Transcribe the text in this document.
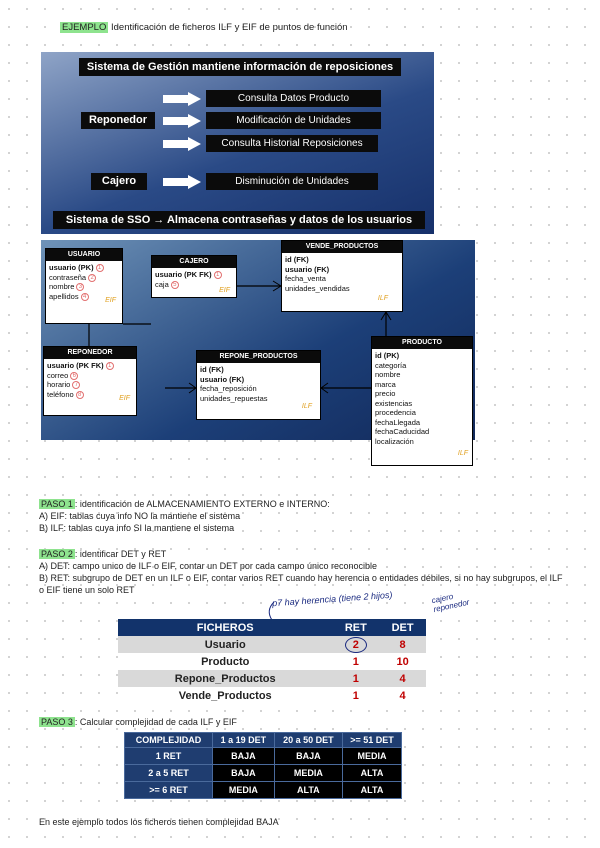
EJEMPLO Identificación de ficheros ILF y EIF de puntos de función
Sistema de Gestión mantiene información de reposiciones
Reponedor
Consulta Datos Producto
Modificación de Unidades
Consulta Historial Reposiciones
Cajero	Disminución de Unidades
Sistema de SSO → Almacena contraseñas y datos de los usuarios
USUARIO
usuario (PK) 1
contraseña 2
nombre 3
apellidos 4	EIF
CAJERO
usuario (PK FK) 1
caja 5
EIF
VENDE_PRODUCTOS
id (FK)
usuario (FK)
fecha_venta
unidades_vendidas
ILF
REPONEDOR
usuario (PK FK) 1
correo 6
horario 7
teléfono 8	EIF
REPONE_PRODUCTOS
id (FK)
usuario (FK)
fecha_reposición
unidades_repuestas
ILF
PRODUCTO
id (PK)
categoría
nombre
marca
precio
existencias
procedencia
fechaLlegada
fechaCaducidad
localización
ILF
PASO 1 : identificación de ALMACENAMIENTO EXTERNO e INTERNO:
A) EIF: tablas cuya info NO la mantiene el sistema
B) ILF: tablas cuya info SI la mantiene el sistema
PASO 2 : identificar DET y RET
A) DET: campo unico de ILF o EIF, contar un DET por cada campo único reconocible
B) RET: subgrupo de DET en un ILF o EIF, contar varios RET cuando hay herencia o entidades débiles, si no hay subgrupos, el ILF o EIF tiene un solo RET	p7 hay herencia (tiene 2 hijos)	cajero reponedor
FICHEROS	RET	DET
Usuario	2	8
Producto	1	10
Repone_Productos	1	4
Vende_Productos	1	4
PASO 3 : Calcular complejidad de cada ILF y EIF
COMPLEJIDAD	1 a 19 DET	20 a 50 DET	>= 51 DET
1 RET	BAJA	BAJA	MEDIA
2 a 5 RET	BAJA	MEDIA	ALTA
>= 6 RET	MEDIA	ALTA	ALTA
En este ejemplo todos los ficheros tienen complejidad BAJA
